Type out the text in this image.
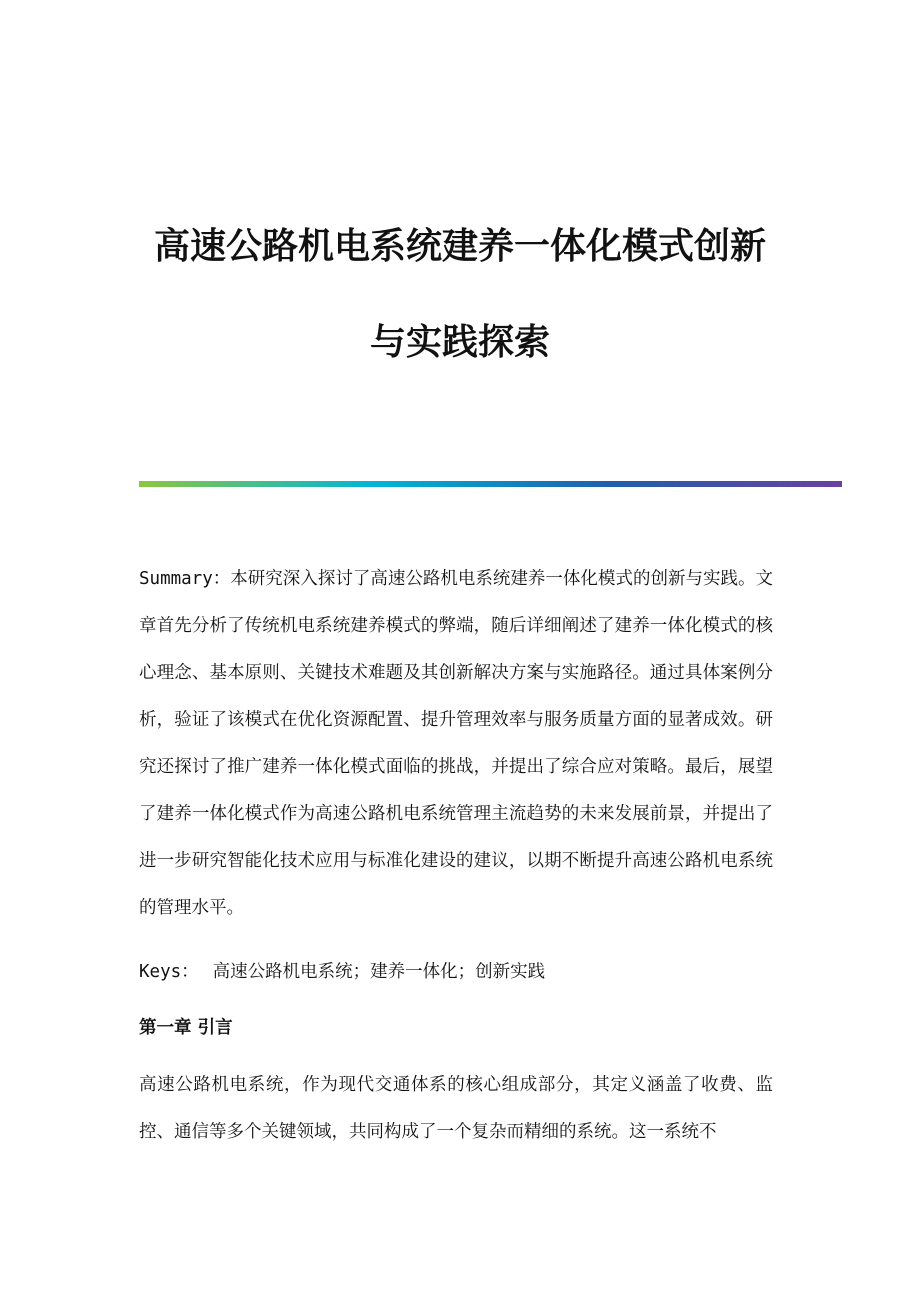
高速公路机电系统建养一体化模式创新
与实践探索
Summary：本研究深入探讨了高速公路机电系统建养一体化模式的创新与实践。文章首先分析了传统机电系统建养模式的弊端，随后详细阐述了建养一体化模式的核心理念、基本原则、关键技术难题及其创新解决方案与实施路径。通过具体案例分析，验证了该模式在优化资源配置、提升管理效率与服务质量方面的显著成效。研究还探讨了推广建养一体化模式面临的挑战，并提出了综合应对策略。最后，展望了建养一体化模式作为高速公路机电系统管理主流趋势的未来发展前景，并提出了进一步研究智能化技术应用与标准化建设的建议，以期不断提升高速公路机电系统的管理水平。
Keys： 高速公路机电系统；建养一体化；创新实践
第一章 引言
高速公路机电系统，作为现代交通体系的核心组成部分，其定义涵盖了收费、监控、通信等多个关键领域，共同构成了一个复杂而精细的系统。这一系统不
